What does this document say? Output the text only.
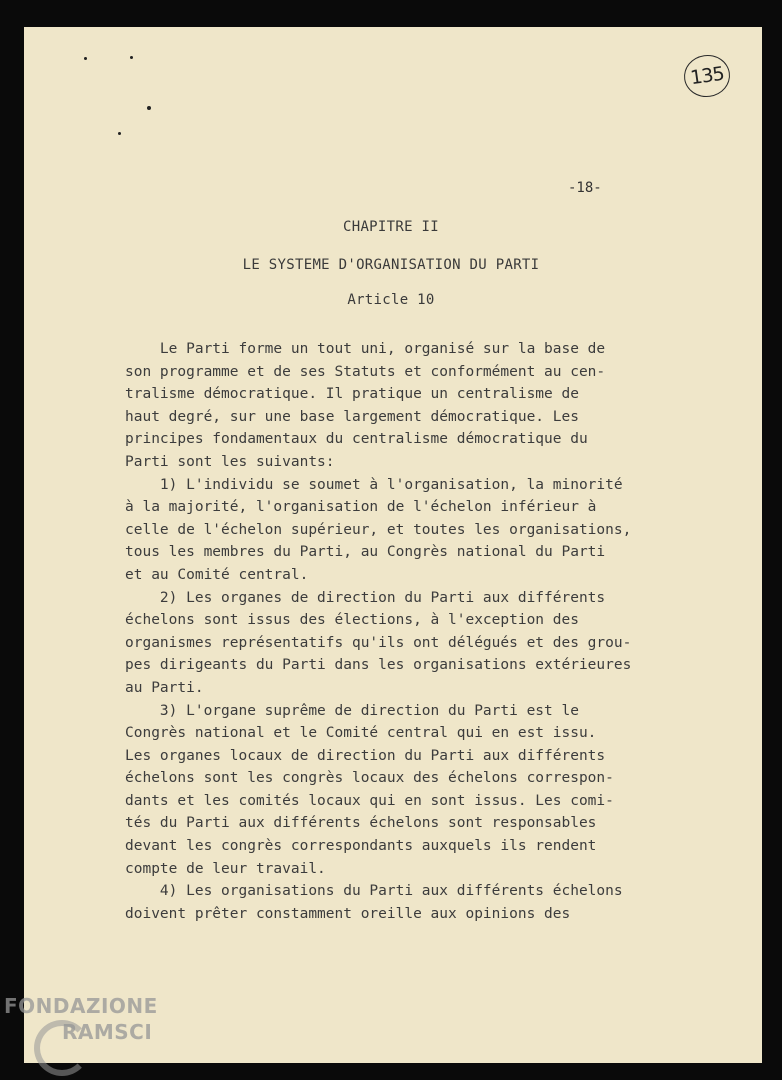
135
-18-
CHAPITRE II
LE SYSTEME D'ORGANISATION DU PARTI
Article 10
Le Parti forme un tout uni, organisé sur la base de
son programme et de ses Statuts et conformément au cen-
tralisme démocratique. Il pratique un centralisme de
haut degré, sur une base largement démocratique. Les
principes fondamentaux du centralisme démocratique du
Parti sont les suivants:
1) L'individu se soumet à l'organisation, la minorité
à la majorité, l'organisation de l'échelon inférieur à
celle de l'échelon supérieur, et toutes les organisations,
tous les membres du Parti, au Congrès national du Parti
et au Comité central.
2) Les organes de direction du Parti aux différents
échelons sont issus des élections, à l'exception des
organismes représentatifs qu'ils ont délégués et des grou-
pes dirigeants du Parti dans les organisations extérieures
au Parti.
3) L'organe suprême de direction du Parti est le
Congrès national et le Comité central qui en est issu.
Les organes locaux de direction du Parti aux différents
échelons sont les congrès locaux des échelons correspon-
dants et les comités locaux qui en sont issus. Les comi-
tés du Parti aux différents échelons sont responsables
devant les congrès correspondants auxquels ils rendent
compte de leur travail.
4) Les organisations du Parti aux différents échelons
doivent prêter constamment oreille aux opinions des
FONDAZIONE
RAMSCI
